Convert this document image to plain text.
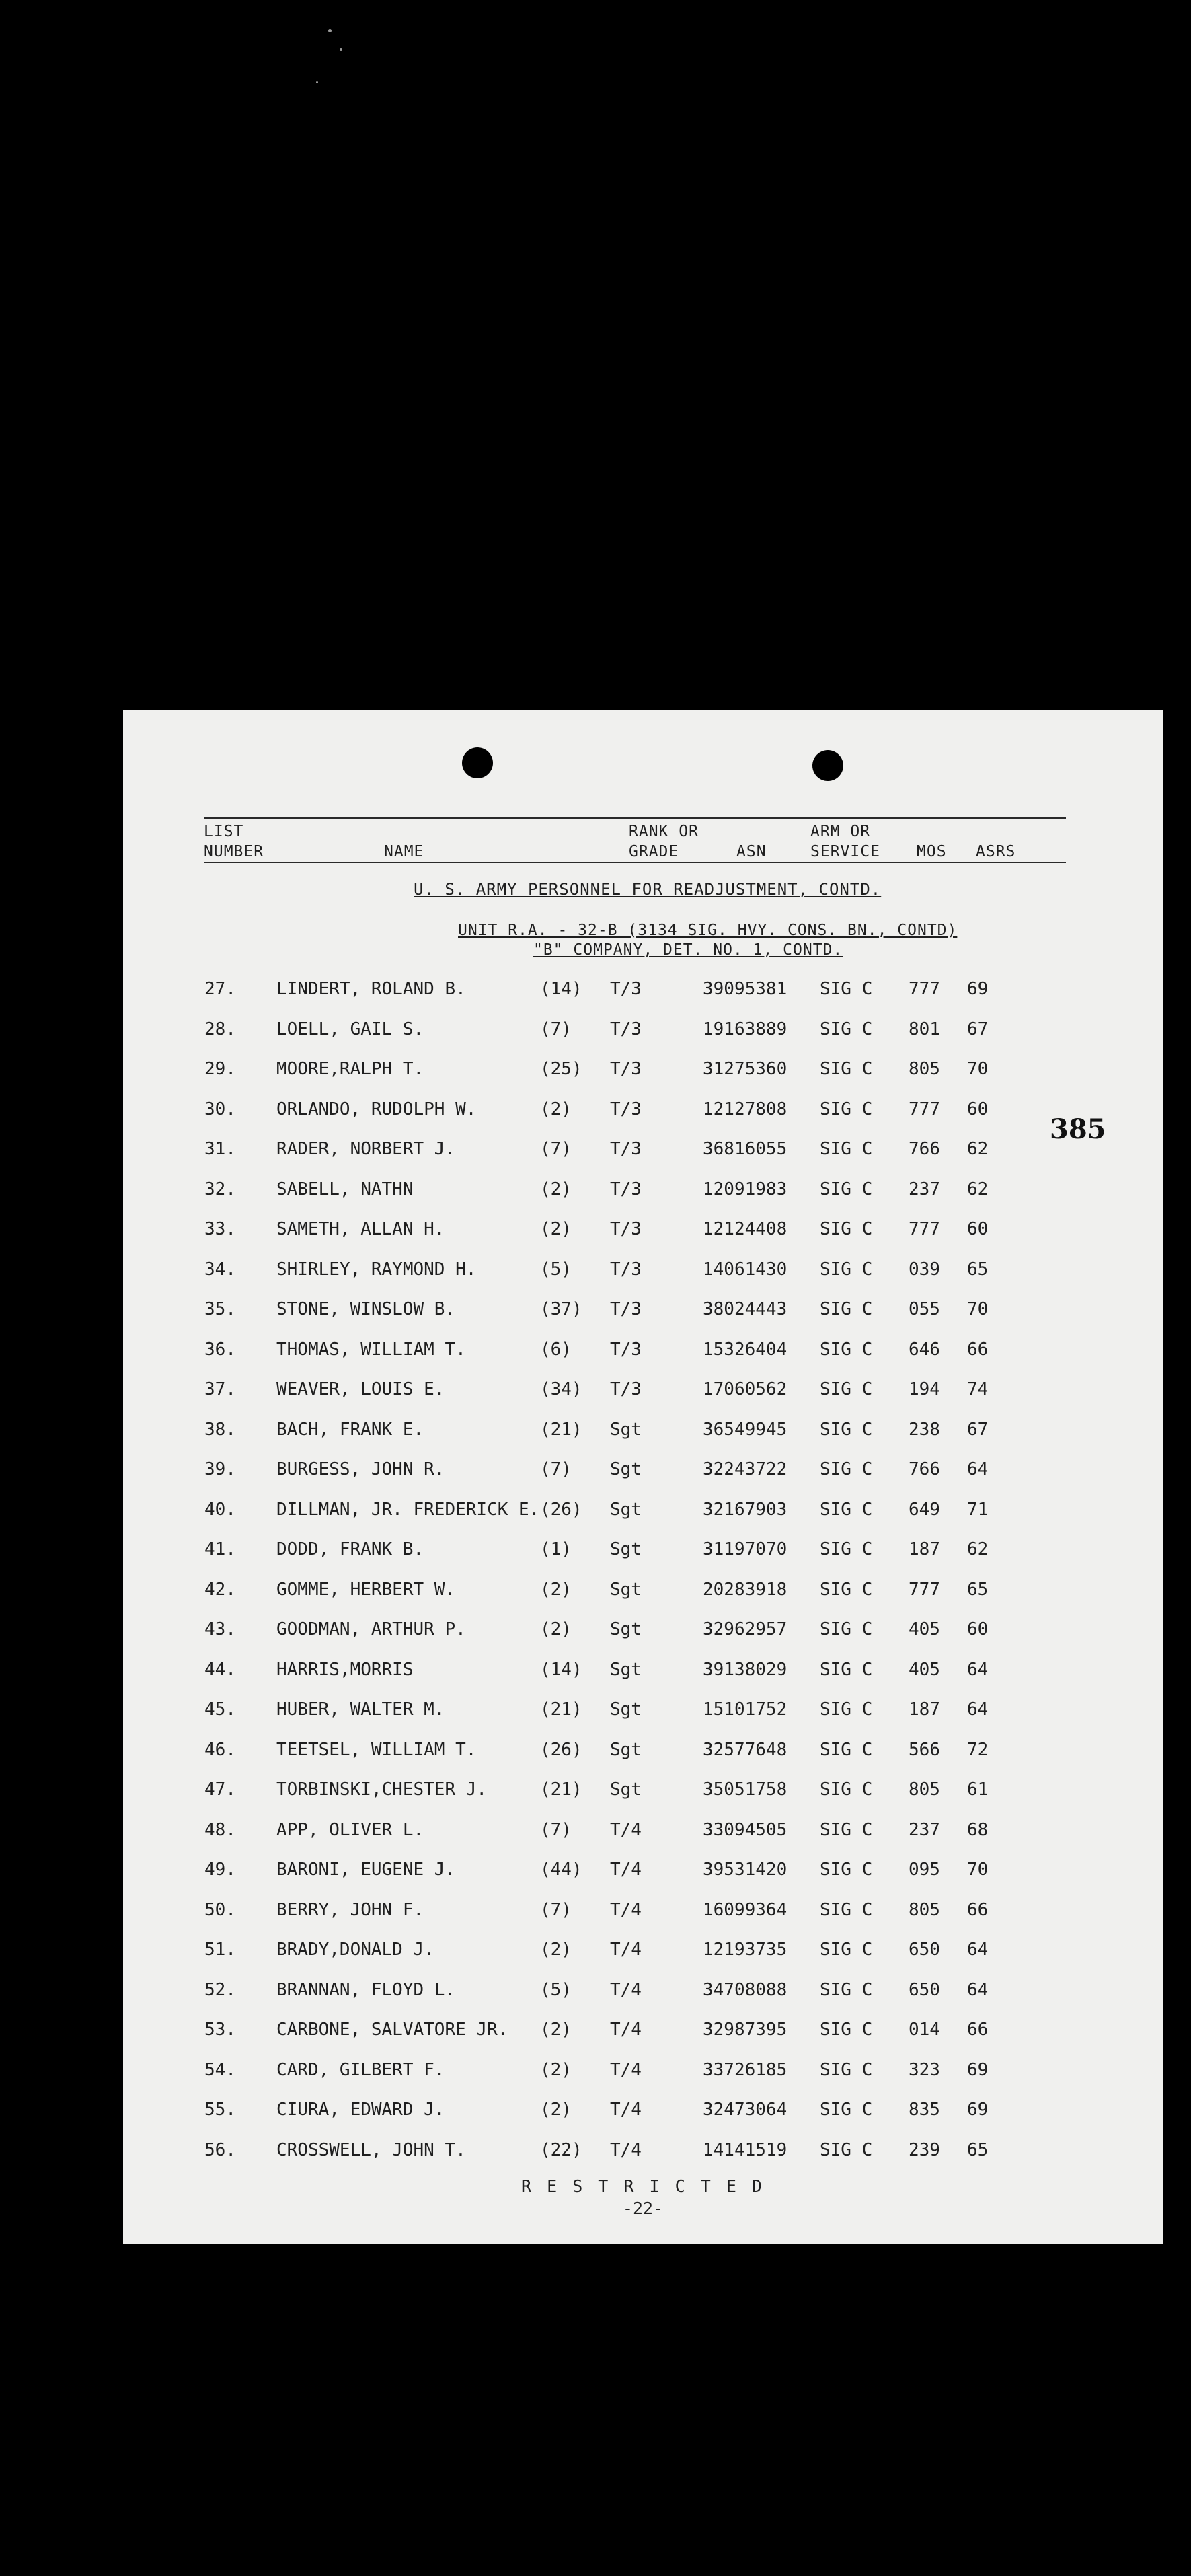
LIST
NUMBER	NAME
RANK OR
GRADE	ASN
ARM OR
SERVICE MOS ASRS
U. S. ARMY PERSONNEL FOR READJUSTMENT, CONTD.
UNIT R.A. - 32-B (3134 SIG. HVY. CONS. BN., CONTD)
"B" COMPANY, DET. NO. 1, CONTD.
385
27. LINDERT, ROLAND B.	(14) T/3	39095381 SIG C 777 69
28. LOELL, GAIL S.	(7) T/3	19163889 SIG C 801 67
29. MOORE,RALPH T.	(25) T/3	31275360 SIG C 805 70
30. ORLANDO, RUDOLPH W.	(2) T/3	12127808 SIG C 777 60
31. RADER, NORBERT J.	(7) T/3	36816055 SIG C 766 62
32. SABELL, NATHN	(2) T/3	12091983 SIG C 237 62
33. SAMETH, ALLAN H.	(2) T/3	12124408 SIG C 777 60
34. SHIRLEY, RAYMOND H.	(5) T/3	14061430 SIG C 039 65
35. STONE, WINSLOW B.	(37) T/3	38024443 SIG C 055 70
36. THOMAS, WILLIAM T.	(6) T/3	15326404 SIG C 646 66
37. WEAVER, LOUIS E.	(34) T/3	17060562 SIG C 194 74
38. BACH, FRANK E.	(21) Sgt	36549945 SIG C 238 67
39. BURGESS, JOHN R.	(7) Sgt	32243722 SIG C 766 64
40. DILLMAN, JR. FREDERICK E. (26) Sgt	32167903 SIG C 649 71
41. DODD, FRANK B.	(1) Sgt	31197070 SIG C 187 62
42. GOMME, HERBERT W.	(2) Sgt	20283918 SIG C 777 65
43. GOODMAN, ARTHUR P.	(2) Sgt	32962957 SIG C 405 60
44. HARRIS,MORRIS	(14) Sgt	39138029 SIG C 405 64
45. HUBER, WALTER M.	(21) Sgt	15101752 SIG C 187 64
46. TEETSEL, WILLIAM T.	(26) Sgt	32577648 SIG C 566 72
47. TORBINSKI,CHESTER J.	(21) Sgt	35051758 SIG C 805 61
48. APP, OLIVER L.	(7) T/4	33094505 SIG C 237 68
49. BARONI, EUGENE J.	(44) T/4	39531420 SIG C 095 70
50. BERRY, JOHN F.	(7) T/4	16099364 SIG C 805 66
51. BRADY,DONALD J.	(2) T/4	12193735 SIG C 650 64
52. BRANNAN, FLOYD L.	(5) T/4	34708088 SIG C 650 64
53. CARBONE, SALVATORE JR. (2) T/4	32987395 SIG C 014 66
54. CARD, GILBERT F.	(2) T/4	33726185 SIG C 323 69
55. CIURA, EDWARD J.	(2) T/4	32473064 SIG C 835 69
56. CROSSWELL, JOHN T.	(22) T/4	14141519 SIG C 239 65
R E S T R I C T E D
-22-
